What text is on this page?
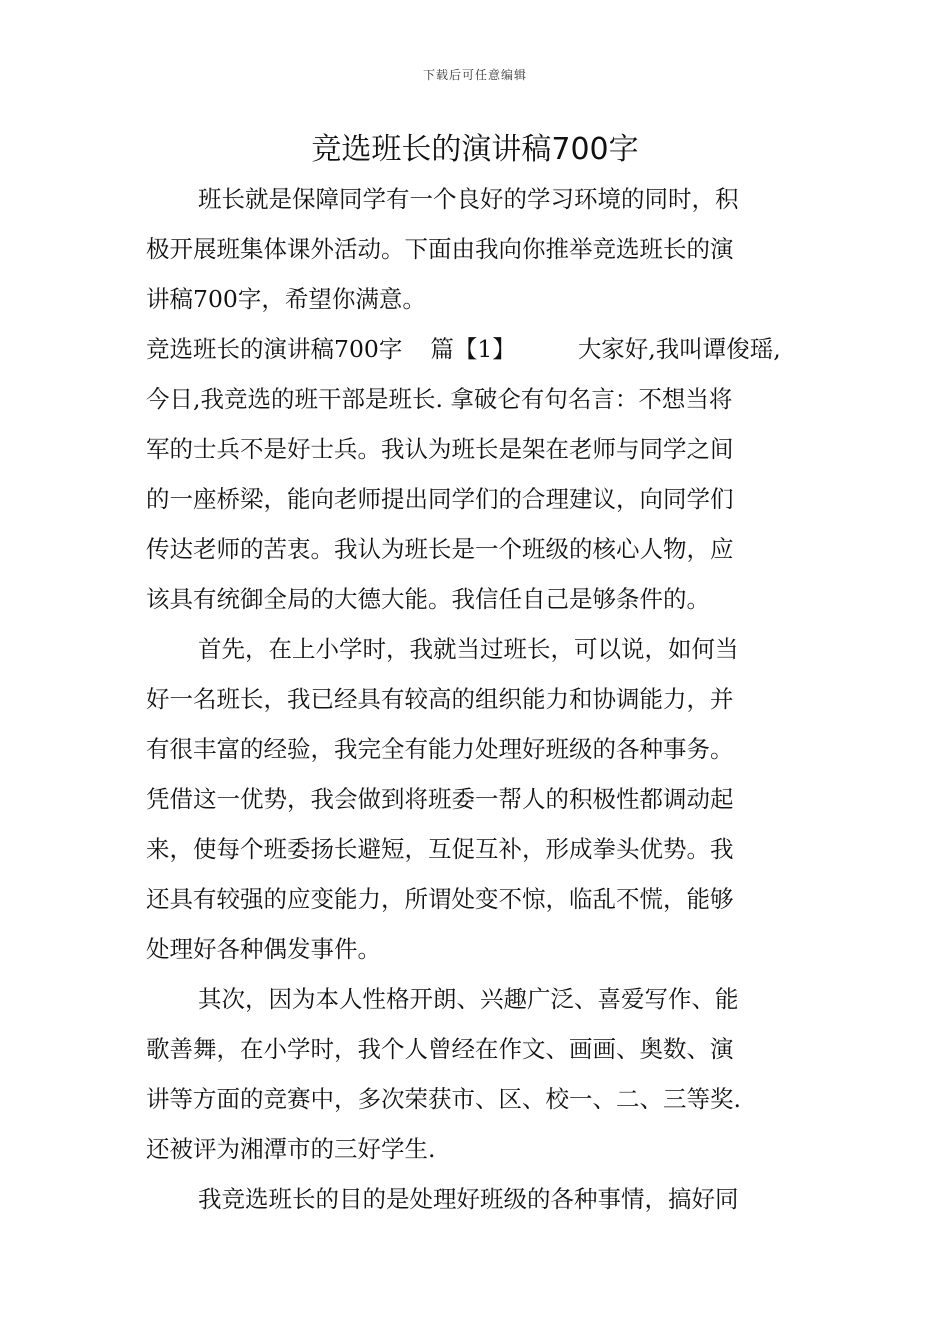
下载后可任意编辑
竞选班长的演讲稿700字
班长就是保障同学有一个良好的学习环境的同时，积
极开展班集体课外活动。下面由我向你推举竞选班长的演
讲稿700字，希望你满意。
竞选班长的演讲稿700字 篇【1】	大家好,我叫谭俊瑶,
今日,我竞选的班干部是班长. 拿破仑有句名言：不想当将
军的士兵不是好士兵。我认为班长是架在老师与同学之间
的一座桥梁，能向老师提出同学们的合理建议，向同学们
传达老师的苦衷。我认为班长是一个班级的核心人物，应
该具有统御全局的大德大能。我信任自己是够条件的。
首先，在上小学时，我就当过班长，可以说，如何当
好一名班长，我已经具有较高的组织能力和协调能力，并
有很丰富的经验，我完全有能力处理好班级的各种事务。
凭借这一优势，我会做到将班委一帮人的积极性都调动起
来，使每个班委扬长避短，互促互补，形成拳头优势。我
还具有较强的应变能力，所谓处变不惊，临乱不慌，能够
处理好各种偶发事件。
其次，因为本人性格开朗、兴趣广泛、喜爱写作、能
歌善舞，在小学时，我个人曾经在作文、画画、奥数、演
讲等方面的竞赛中，多次荣获市、区、校一、二、三等奖.
还被评为湘潭市的三好学生.
我竞选班长的目的是处理好班级的各种事情，搞好同
